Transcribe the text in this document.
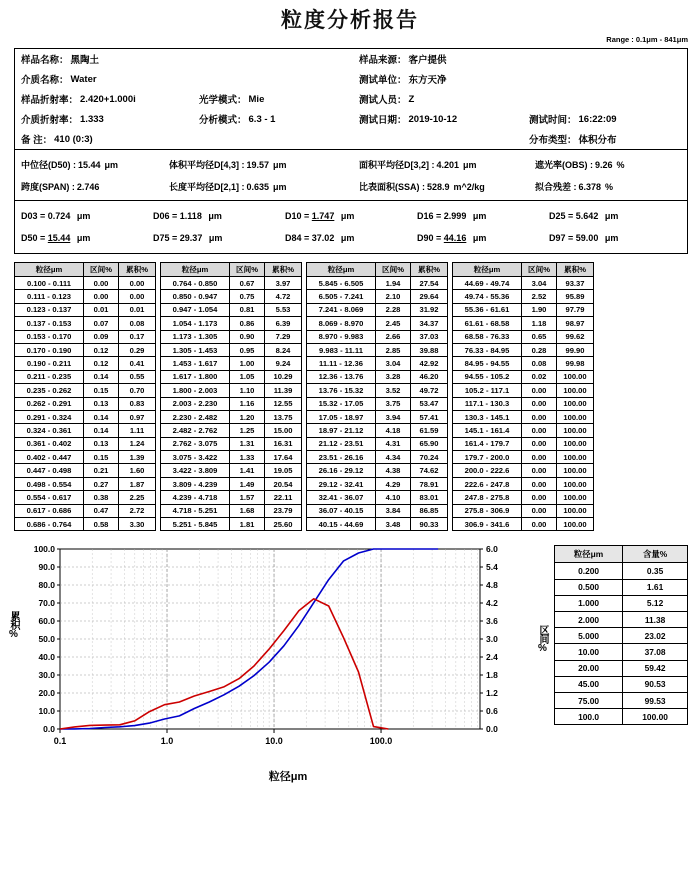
粒度分析报告
Range : 0.1μm - 841μm
样品名称： 黑陶土	样品来源： 客户提供
介质名称： Water	测试单位： 东方天净
样品折射率： 2.420+1.000i	光学模式： Mie	测试人员： Z
介质折射率： 1.333	分析模式： 6.3 - 1	测试日期： 2019-10-12	测试时间： 16:22:09
备 注： 410 (0:3)	分布类型： 体积分布
中位径(D50) : 15.44 μm	体积平均径D[4,3] : 19.57 μm	面积平均径D[3,2] : 4.201 μm	遮光率(OBS) : 9.26 %
跨度(SPAN) : 2.746	长度平均径D[2,1] : 0.635 μm	比表面积(SSA) : 528.9 m^2/kg	拟合残差 : 6.378 %
D03 = 0.724 μm	D06 = 1.118 μm	D10 = 1.747 μm	D16 = 2.999 μm	D25 = 5.642 μm
D50 = 15.44 μm	D75 = 29.37 μm	D84 = 37.02 μm	D90 = 44.16 μm	D97 = 59.00 μm
粒径μm	区间%	累积%
0.100 - 0.111	0.00	0.00
0.111 - 0.123	0.00	0.00
0.123 - 0.137	0.01	0.01
0.137 - 0.153	0.07	0.08
0.153 - 0.170	0.09	0.17
0.170 - 0.190	0.12	0.29
0.190 - 0.211	0.12	0.41
0.211 - 0.235	0.14	0.55
0.235 - 0.262	0.15	0.70
0.262 - 0.291	0.13	0.83
0.291 - 0.324	0.14	0.97
0.324 - 0.361	0.14	1.11
0.361 - 0.402	0.13	1.24
0.402 - 0.447	0.15	1.39
0.447 - 0.498	0.21	1.60
0.498 - 0.554	0.27	1.87
0.554 - 0.617	0.38	2.25
0.617 - 0.686	0.47	2.72
0.686 - 0.764	0.58	3.30
粒径μm	区间%	累积%
0.764 - 0.850	0.67	3.97
0.850 - 0.947	0.75	4.72
0.947 - 1.054	0.81	5.53
1.054 - 1.173	0.86	6.39
1.173 - 1.305	0.90	7.29
1.305 - 1.453	0.95	8.24
1.453 - 1.617	1.00	9.24
1.617 - 1.800	1.05	10.29
1.800 - 2.003	1.10	11.39
2.003 - 2.230	1.16	12.55
2.230 - 2.482	1.20	13.75
2.482 - 2.762	1.25	15.00
2.762 - 3.075	1.31	16.31
3.075 - 3.422	1.33	17.64
3.422 - 3.809	1.41	19.05
3.809 - 4.239	1.49	20.54
4.239 - 4.718	1.57	22.11
4.718 - 5.251	1.68	23.79
5.251 - 5.845	1.81	25.60
粒径μm	区间%	累积%
5.845 - 6.505	1.94	27.54
6.505 - 7.241	2.10	29.64
7.241 - 8.069	2.28	31.92
8.069 - 8.970	2.45	34.37
8.970 - 9.983	2.66	37.03
9.983 - 11.11	2.85	39.88
11.11 - 12.36	3.04	42.92
12.36 - 13.76	3.28	46.20
13.76 - 15.32	3.52	49.72
15.32 - 17.05	3.75	53.47
17.05 - 18.97	3.94	57.41
18.97 - 21.12	4.18	61.59
21.12 - 23.51	4.31	65.90
23.51 - 26.16	4.34	70.24
26.16 - 29.12	4.38	74.62
29.12 - 32.41	4.29	78.91
32.41 - 36.07	4.10	83.01
36.07 - 40.15	3.84	86.85
40.15 - 44.69	3.48	90.33
粒径μm	区间%	累积%
44.69 - 49.74	3.04	93.37
49.74 - 55.36	2.52	95.89
55.36 - 61.61	1.90	97.79
61.61 - 68.58	1.18	98.97
68.58 - 76.33	0.65	99.62
76.33 - 84.95	0.28	99.90
84.95 - 94.55	0.08	99.98
94.55 - 105.2	0.02	100.00
105.2 - 117.1	0.00	100.00
117.1 - 130.3	0.00	100.00
130.3 - 145.1	0.00	100.00
145.1 - 161.4	0.00	100.00
161.4 - 179.7	0.00	100.00
179.7 - 200.0	0.00	100.00
200.0 - 222.6	0.00	100.00
222.6 - 247.8	0.00	100.00
247.8 - 275.8	0.00	100.00
275.8 - 306.9	0.00	100.00
306.9 - 341.6	0.00	100.00
累积%	区间%
0.0
10.0
20.0
30.0
40.0
50.0
60.0
70.0
80.0
90.0
100.0
0.0
0.6
1.2
1.8
2.4
3.0
3.6
4.2
4.8
5.4
6.0
0.1	1.0	10.0	100.0
粒径μm
粒径μm	含量%
0.200	0.35
0.500	1.61
1.000	5.12
2.000	11.38
5.000	23.02
10.00	37.08
20.00	59.42
45.00	90.53
75.00	99.53
100.0	100.00
